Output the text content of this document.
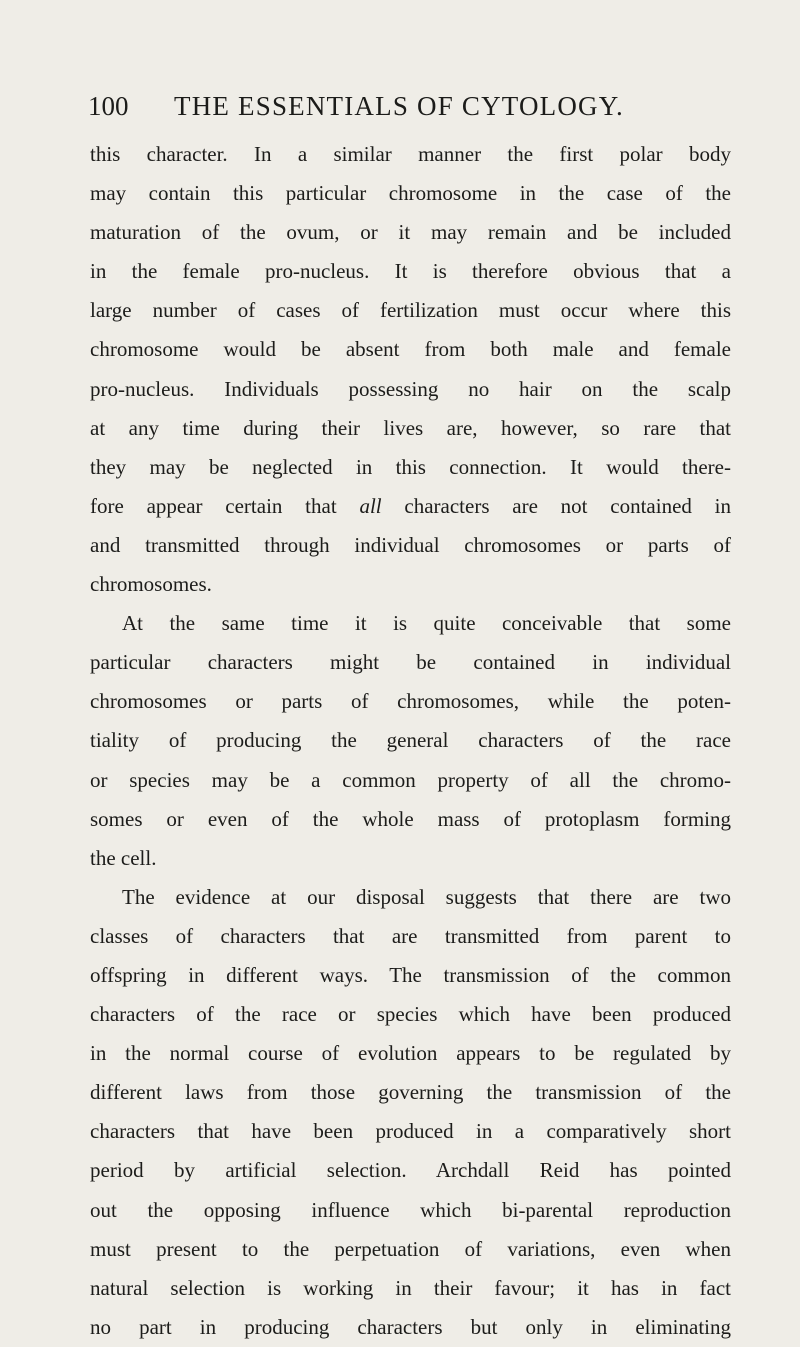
100 THE ESSENTIALS OF CYTOLOGY.
this character. In a similar manner the first polar body
may contain this particular chromosome in the case of the
maturation of the ovum, or it may remain and be included
in the female pro-nucleus. It is therefore obvious that a
large number of cases of fertilization must occur where this
chromosome would be absent from both male and female
pro-nucleus. Individuals possessing no hair on the scalp
at any time during their lives are, however, so rare that
they may be neglected in this connection. It would there-
fore appear certain that all characters are not contained in
and transmitted through individual chromosomes or parts of
chromosomes.
At the same time it is quite conceivable that some
particular characters might be contained in individual
chromosomes or parts of chromosomes, while the poten-
tiality of producing the general characters of the race
or species may be a common property of all the chromo-
somes or even of the whole mass of protoplasm forming
the cell.
The evidence at our disposal suggests that there are two
classes of characters that are transmitted from parent to
offspring in different ways. The transmission of the common
characters of the race or species which have been produced
in the normal course of evolution appears to be regulated by
different laws from those governing the transmission of the
characters that have been produced in a comparatively short
period by artificial selection. Archdall Reid has pointed
out the opposing influence which bi-parental reproduction
must present to the perpetuation of variations, even when
natural selection is working in their favour; it has in fact
no part in producing characters but only in eliminating
